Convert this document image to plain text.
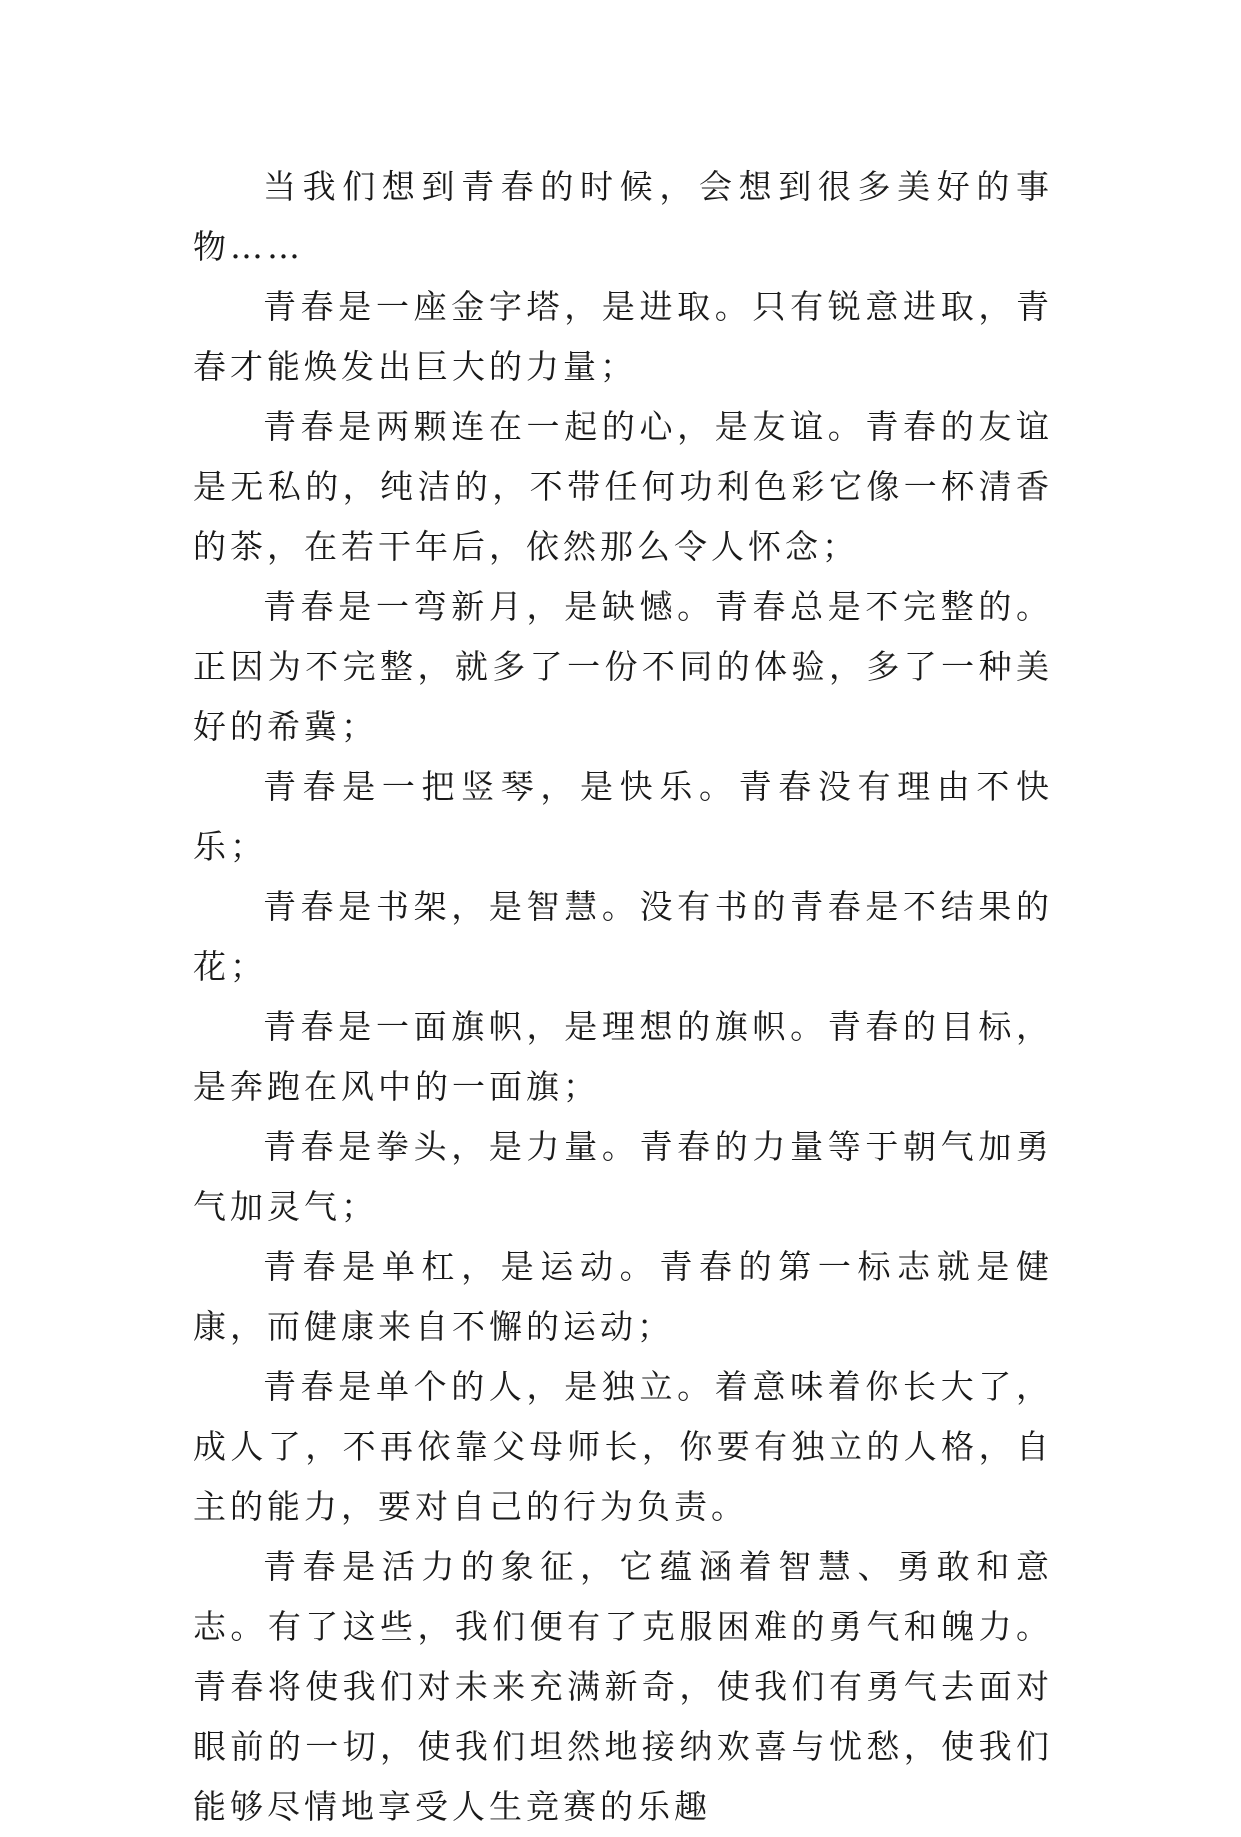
当我们想到青春的时候，会想到很多美好的事物……

青春是一座金字塔，是进取。只有锐意进取，青春才能焕发出巨大的力量；

青春是两颗连在一起的心，是友谊。青春的友谊是无私的，纯洁的，不带任何功利色彩它像一杯清香的茶，在若干年后，依然那么令人怀念；

青春是一弯新月，是缺憾。青春总是不完整的。正因为不完整，就多了一份不同的体验，多了一种美好的希冀；

青春是一把竖琴，是快乐。青春没有理由不快乐；

青春是书架，是智慧。没有书的青春是不结果的花；

青春是一面旗帜，是理想的旗帜。青春的目标，是奔跑在风中的一面旗；

青春是拳头，是力量。青春的力量等于朝气加勇气加灵气；

青春是单杠，是运动。青春的第一标志就是健康，而健康来自不懈的运动；

青春是单个的人，是独立。着意味着你长大了，成人了，不再依靠父母师长，你要有独立的人格，自主的能力，要对自己的行为负责。

青春是活力的象征，它蕴涵着智慧、勇敢和意志。有了这些，我们便有了克服困难的勇气和魄力。青春将使我们对未来充满新奇，使我们有勇气去面对眼前的一切，使我们坦然地接纳欢喜与忧愁，使我们能够尽情地享受人生竞赛的乐趣
